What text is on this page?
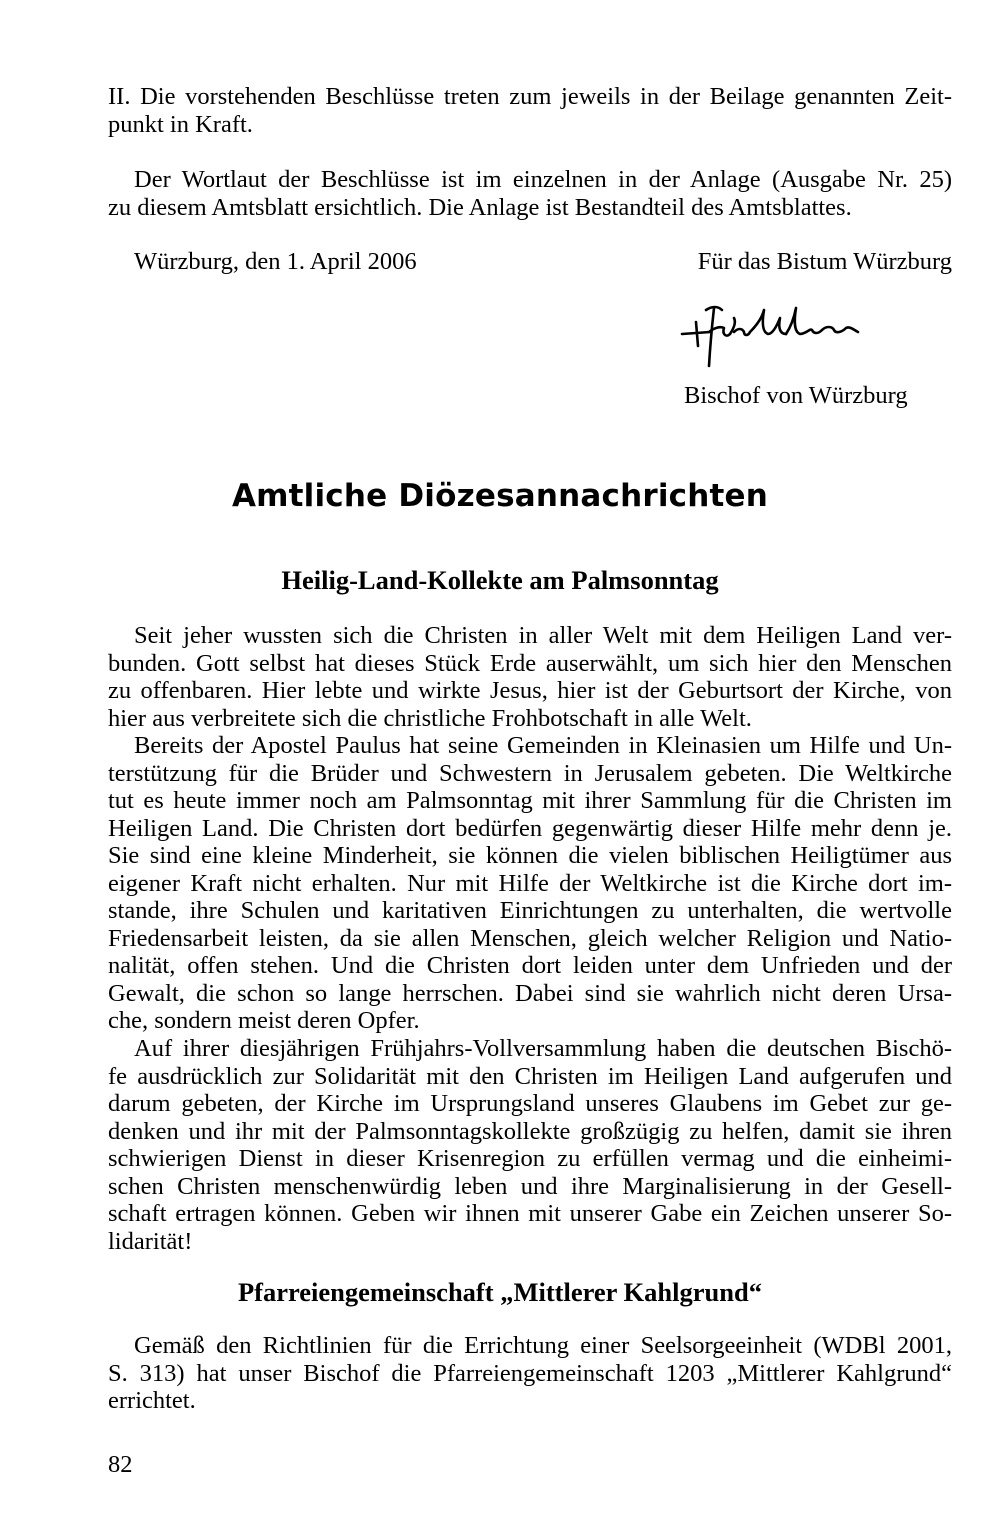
II. Die vorstehenden Beschlüsse treten zum jeweils in der Beilage genannten Zeit-
punkt in Kraft.
Der Wortlaut der Beschlüsse ist im einzelnen in der Anlage (Ausgabe Nr. 25)
zu diesem Amtsblatt ersichtlich. Die Anlage ist Bestandteil des Amtsblattes.

Würzburg, den 1. April 2006	Für das Bistum Würzburg

Bischof von Würzburg

Amtliche Diözesannachrichten
Heilig-Land-Kollekte am Palmsonntag
Seit jeher wussten sich die Christen in aller Welt mit dem Heiligen Land ver-
bunden. Gott selbst hat dieses Stück Erde auserwählt, um sich hier den Menschen
zu offenbaren. Hier lebte und wirkte Jesus, hier ist der Geburtsort der Kirche, von
hier aus verbreitete sich die christliche Frohbotschaft in alle Welt.
Bereits der Apostel Paulus hat seine Gemeinden in Kleinasien um Hilfe und Un-
terstützung für die Brüder und Schwestern in Jerusalem gebeten. Die Weltkirche
tut es heute immer noch am Palmsonntag mit ihrer Sammlung für die Christen im
Heiligen Land. Die Christen dort bedürfen gegenwärtig dieser Hilfe mehr denn je.
Sie sind eine kleine Minderheit, sie können die vielen biblischen Heiligtümer aus
eigener Kraft nicht erhalten. Nur mit Hilfe der Weltkirche ist die Kirche dort im-
stande, ihre Schulen und karitativen Einrichtungen zu unterhalten, die wertvolle
Friedensarbeit leisten, da sie allen Menschen, gleich welcher Religion und Natio-
nalität, offen stehen. Und die Christen dort leiden unter dem Unfrieden und der
Gewalt, die schon so lange herrschen. Dabei sind sie wahrlich nicht deren Ursa-
che, sondern meist deren Opfer.
Auf ihrer diesjährigen Frühjahrs-Vollversammlung haben die deutschen Bischö-
fe ausdrücklich zur Solidarität mit den Christen im Heiligen Land aufgerufen und
darum gebeten, der Kirche im Ursprungsland unseres Glaubens im Gebet zur ge-
denken und ihr mit der Palmsonntagskollekte großzügig zu helfen, damit sie ihren
schwierigen Dienst in dieser Krisenregion zu erfüllen vermag und die einheimi-
schen Christen menschenwürdig leben und ihre Marginalisierung in der Gesell-
schaft ertragen können. Geben wir ihnen mit unserer Gabe ein Zeichen unserer So-
lidarität!
Pfarreiengemeinschaft „Mittlerer Kahlgrund“
Gemäß den Richtlinien für die Errichtung einer Seelsorgeeinheit (WDBl 2001,
S. 313) hat unser Bischof die Pfarreiengemeinschaft 1203 „Mittlerer Kahlgrund“
errichtet.

82
